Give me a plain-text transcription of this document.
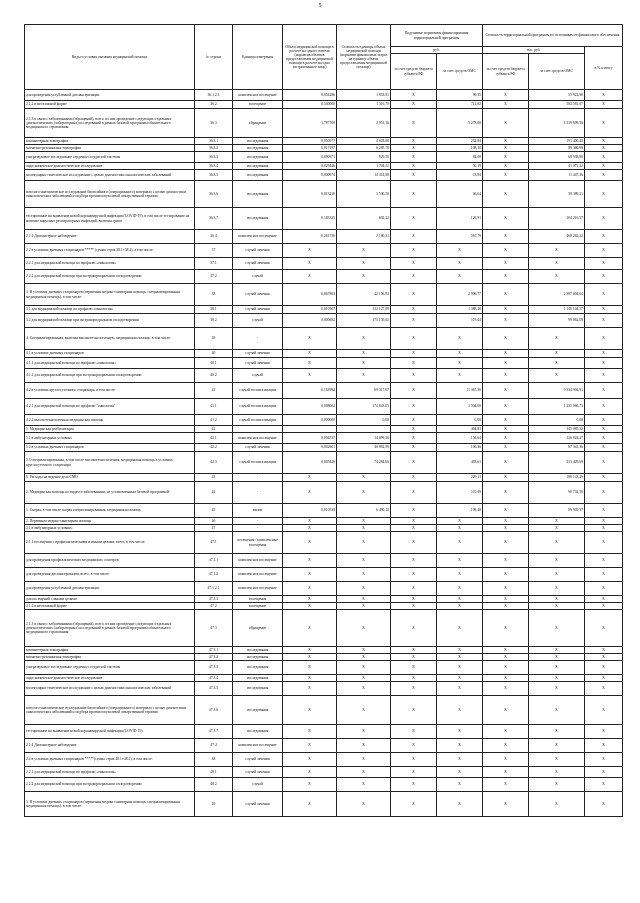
5
Виды и условия оказания медицинской помощи	№ строки	Единица измерения	Объем медицинской помощи в расчете на одного жителя (норматив объемов предоставления медицинской помощи в расчете на одно застрахованное лицо)	Стоимость единицы объема медицинской помощи (норматив финансовых затрат на единицу объема предоставления медицинской помощи)	Подушевые нормативы финансирования территориальной программы		Стоимость территориальной программы по источникам ее финансового обеспечения		
					руб.		тыс. руб.		в % к итогу
					за счет средств бюджета субъекта РФ	за счет средств ОМС	за счет средств бюджета субъекта РФ	за счет средств ОМС	
для проведения углубленной диспансеризации	36.1.2.1	комплексное посещение	0,054286	1 833,81	X	99,55	X	55 922,98	X
2.1.2 в неотложной форме	36.2	посещение	0,540000	1 316,70	X	711,02	X	582 581,07	X
2.1.3 в связи с заболеваниями (обращений), всего, из них проведение следующих отдельных диагностических (лабораторных) исследований в рамках базовой программы обязательного медицинского страхования:	36.3	обращение	1,787700	2 951,16	X	5 278,08	X	4 319 699,56	X
компьютерная томография	36.3.1	исследования	0,050577	4 603,60	X	232,84	X	191 400,40	X
магнитно-резонансная томография	36.3.2	исследования	0,017197	6 285,70	X	108,10	X	89 360,98	X
ультразвуковое исследование сердечно-сосудистой системы	36.3.3	исследования	0,090371	929,50	X	84,00	X	68 938,80	X
эндоскопическое диагностическое исследование	36.3.4	исследования	0,029446	1 704,52	X	50,19	X	41 071,22	X
молекулярно-генетическое исследование с целью диагностики онкологических заболеваний	36.3.5	исследования	0,000974	14 314,98	X	13,94	X	11 447,36	X
патолого-анатомическое исследование биопсийного (операционного) материала с целью диагностики онкологических заболеваний и подбора противоопухолевой лекарственной терапии	36.3.6	исследования	0,013210	3 530,50	X	46,64	X	38 389,21	X
тестирование на выявление новой коронавирусной инфекции (COVID-19), в том числе тестирование на наличие вирусных респираторных инфекций, включая грипп	36.3.7	исследования	0,183325	692,22	X	126,91	X	104 216,57	X
2.1.4 Диспансерное наблюдение	36.4	комплексное посещение	0,261736	2 180,31	X	567,79	X	468 262,22	X
2.2 в условиях дневных стационаров ***** (сумма строк 38.1+38.2), в том числе:	37	случай лечения	X	X	X	X	X	X	X
2.2.1 для медицинской помощи по профилю «онкология»	37.1	случай лечения	X	X	X	X	X	X	X
2.2.2 для медицинской помощи при экстракорпоральном оплодотворении	37.2	случай	X	X	X	X	X	X	X
3. В условиях дневных стационаров (первичная медико-санитарная помощь, специализированная медицинская помощь), в том числе:	38	случай лечения	0,067863	42 156,93	X	2 906,77	X	2 387 004,64	X
3.1 для медицинской помощи по профилю «онкология»	38.1	случай лечения	0,010507	132 127,09	X	1 388,26	X	1 149 104,57	X
3.2 для медицинской помощи при экстракорпоральном оплодотворении	38.2	случай	0,000682	175 155,02	X	119,44	X	99 062,09	X
4. Специализированная, включая высокотехнологичную, медицинская помощь, в том числе:	39	-	X	X	X	X	X	X	X
4.1 в условиях дневных стационаров	40	случай лечения	X	X	X	X	X	X	X
4.1.1 для медицинской помощи по профилю «онкология»	40.1	случай лечения	X	X	X	X	X	X	X
4.1.2 для медицинской помощи при экстракорпоральном оплодотворении	40.2	случай	X	X	X	X	X	X	X
4.2 в условиях круглосуточного стационара, в том числе:	41	случай госпитализации	0,163992	69 317,07	X	11 367,36	X	9 334 904,91	X
4.2.1 для медицинской помощи по профилю "онкология"	41.1	случай госпитализации	0,008602	174 843,05	X	1 504,00	X	1 235 066,75	X
4.2.2 высокотехнологичная медицинская помощь	41.2	случай госпитализации	0,000000	0,00	X	0,00	X	0,00	X
5. Медицинская реабилитация	42				X	404,81	X	345 085,32	X
5.1 в амбулаторных условиях	42.1	комплексное посещение	0,004537	14 099,26	X	156,64	X	126 824,27	X
5.2 в условиях дневных стационаров	42.2	случай лечения	0,002601	40 892,99	X	106,36	X	87 341,36	X
5.3 специализированная, в том числе высокотехнологичная, медицинская помощь в условиях круглосуточного стационара	42.3	случай госпитализации	0,005426	74 284,66	X	403,61	X	331 429,69	X
6. Расходы на ведение дела СМО	43	-	X	X	X	229,11	X	188 143,29	X
2. Медицинская помощь по видам и заболеваниям, не установленным базовой программой:	44	-	X	X	X	110,49	X	90 732,50	X
1. Скорая, в том числе скорая специализированная, медицинская помощь	45	вызов	0,010538	6 490,10	X	109,48	X	89 905,57	X
2. Первичная медико-санитарная помощь	46	-	X	X	X	X	X	X	X
2.1 в амбулаторных условиях:	47	-	X	X	X	X	X	X	X
2.1.1 посещения с профилактическими и иными целями, всего, в том числе:	47.1	посещения / комплексные посещения	X	X	X	X	X	X	X
для проведения профилактических медицинских осмотров	47.1.1	комплексное посещение	X	X	X	X	X	X	X
для проведения диспансеризации, всего, в том числе:	47.1.2	комплексное посещение	X	X	X	X	X	X	X
для проведения углубленной диспансеризации	47.1.2.1	комплексное посещение	X	X	X	X	X	X	X
для посещений с иными целями	47.1.3	посещения	X	X	X	X	X	X	X
2.1.2 в неотложной форме	47.2	посещение	X	X	X	X	X	X	X
2.1.3 в связи с заболеваниями (обращений), всего, из них проведение следующих отдельных диагностических (лабораторных) исследований в рамках базовой программы обязательного медицинского страхования:	47.3	обращение	X	X	X	X	X	X	X
компьютерная томография	47.3.1	исследования	X	X	X	X	X	X	X
магнитно-резонансная томография	47.3.2	исследования	X	X	X	X	X	X	X
ультразвуковое исследование сердечно-сосудистой системы	47.3.3	исследования	X	X	X	X	X	X	X
эндоскопическое диагностическое исследование	47.3.4	исследования	X	X	X	X	X	X	X
молекулярно-генетическое исследование с целью диагностики онкологических заболеваний	47.3.5	исследования	X	X	X	X	X	X	X
патолого-анатомическое исследование биопсийного (операционного) материала с целью диагностики онкологических заболеваний и подбора противоопухолевой лекарственной терапии	47.3.6	исследования	X	X	X	X	X	X	X
тестирование на выявление новой коронавирусной инфекции (COVID-19)	47.3.7	исследования	X	X	X	X	X	X	X
2.1.4 Диспансерное наблюдение	47.4	комплексное посещение	X	X	X	X	X	X	X
2.2 в условиях дневных стационаров *****(сумма строк 48.1+48.2), в том числе:	48	случай лечения	X	X	X	X	X	X	X
2.2.1 для медицинской помощи по профилю «онкология»	48.1	случай лечения	X	X	X	X	X	X	X
2.2.2 для медицинской помощи при экстракорпоральном оплодотворении	48.2	случай	X	X	X	X	X	X	X
3. В условиях дневных стационаров (первичная медико-санитарная помощь, специализированная медицинская помощь), в том числе:	49	случай лечения	X	X	X	X	X	X	X
